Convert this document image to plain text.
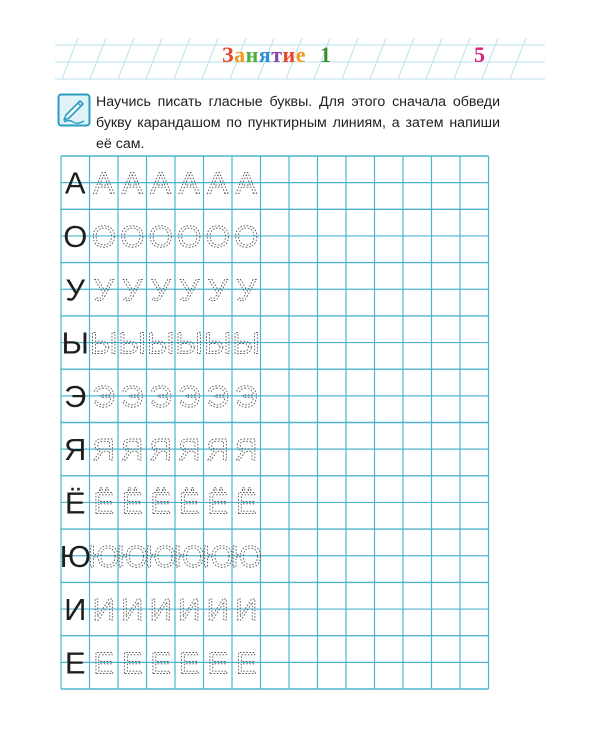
Занятие 1	5

Научись писать гласные буквы. Для этого сначала обведи букву карандашом по пунктирным линиям, а затем напиши её сам.

А А А А А А А
О О О О О О О
У У У У У У У
Ы Ы Ы Ы Ы Ы Ы
Э Э Э Э Э Э Э
Я Я Я Я Я Я Я
Ё Ё Ё Ё Ё Ё Ё
Ю
Ю
Ю
Ю
Ю
Ю
Ю
И И И И И И И
Е Е Е Е Е Е Е
